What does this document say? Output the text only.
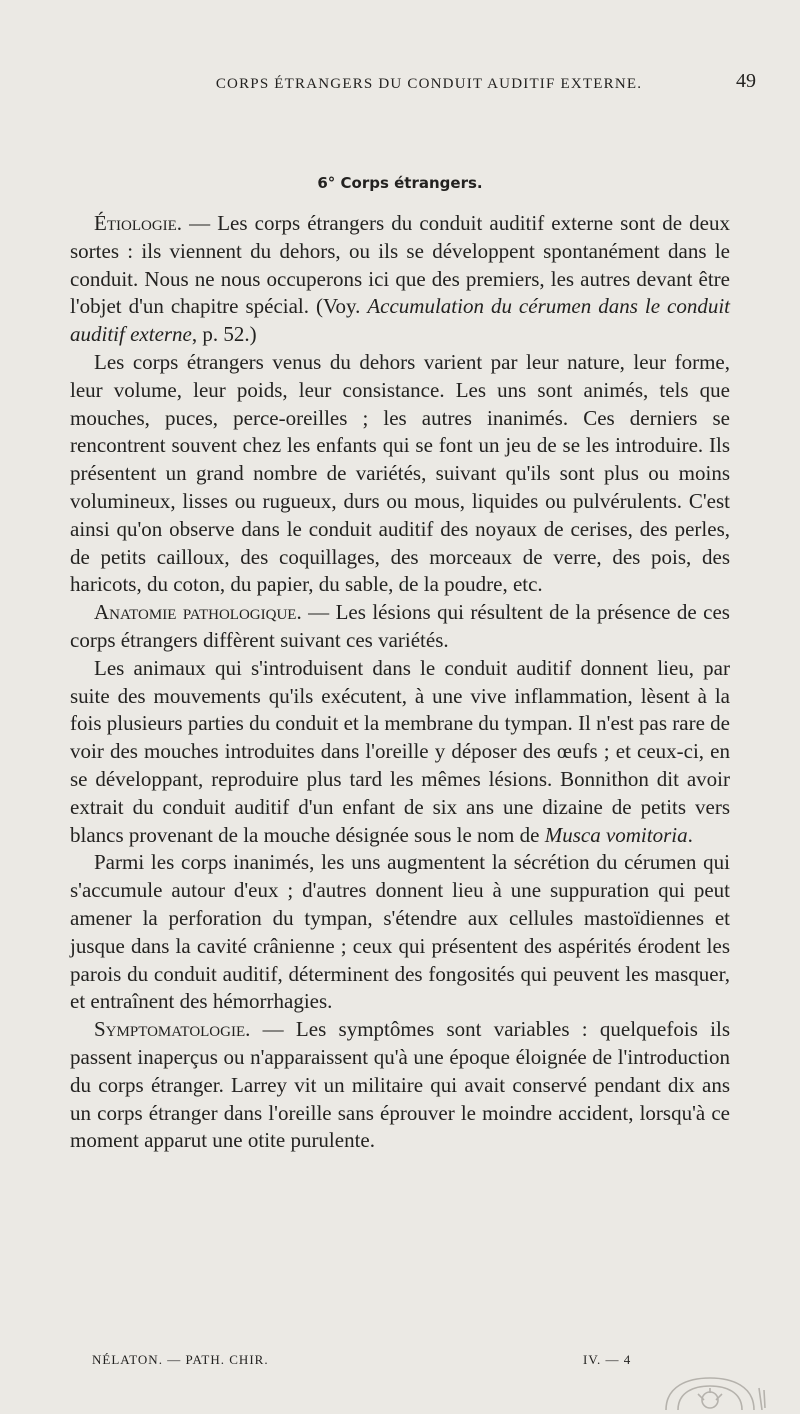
CORPS ÉTRANGERS DU CONDUIT AUDITIF EXTERNE.	49
6° Corps étrangers.

Étiologie. — Les corps étrangers du conduit auditif externe sont de deux sortes : ils viennent du dehors, ou ils se développent spontanément dans le conduit. Nous ne nous occuperons ici que des premiers, les autres devant être l'objet d'un chapitre spécial. (Voy. Accumulation du cérumen dans le conduit auditif externe, p. 52.)

Les corps étrangers venus du dehors varient par leur nature, leur forme, leur volume, leur poids, leur consistance. Les uns sont animés, tels que mouches, puces, perce-oreilles ; les autres inanimés. Ces derniers se rencontrent souvent chez les enfants qui se font un jeu de se les introduire. Ils présentent un grand nombre de variétés, suivant qu'ils sont plus ou moins volumineux, lisses ou rugueux, durs ou mous, liquides ou pulvérulents. C'est ainsi qu'on observe dans le conduit auditif des noyaux de cerises, des perles, de petits cailloux, des coquillages, des morceaux de verre, des pois, des haricots, du coton, du papier, du sable, de la poudre, etc.

Anatomie pathologique. — Les lésions qui résultent de la présence de ces corps étrangers diffèrent suivant ces variétés.

Les animaux qui s'introduisent dans le conduit auditif donnent lieu, par suite des mouvements qu'ils exécutent, à une vive inflammation, lèsent à la fois plusieurs parties du conduit et la membrane du tympan. Il n'est pas rare de voir des mouches introduites dans l'oreille y déposer des œufs ; et ceux-ci, en se développant, reproduire plus tard les mêmes lésions. Bonnithon dit avoir extrait du conduit auditif d'un enfant de six ans une dizaine de petits vers blancs provenant de la mouche désignée sous le nom de Musca vomitoria.

Parmi les corps inanimés, les uns augmentent la sécrétion du cérumen qui s'accumule autour d'eux ; d'autres donnent lieu à une suppuration qui peut amener la perforation du tympan, s'étendre aux cellules mastoïdiennes et jusque dans la cavité crânienne ; ceux qui présentent des aspérités érodent les parois du conduit auditif, déterminent des fongosités qui peuvent les masquer, et entraînent des hémorrhagies.

Symptomatologie. — Les symptômes sont variables : quelquefois ils passent inaperçus ou n'apparaissent qu'à une époque éloignée de l'introduction du corps étranger. Larrey vit un militaire qui avait conservé pendant dix ans un corps étranger dans l'oreille sans éprouver le moindre accident, lorsqu'à ce moment apparut une otite purulente.

NÉLATON. — PATH. CHIR.	IV. — 4
